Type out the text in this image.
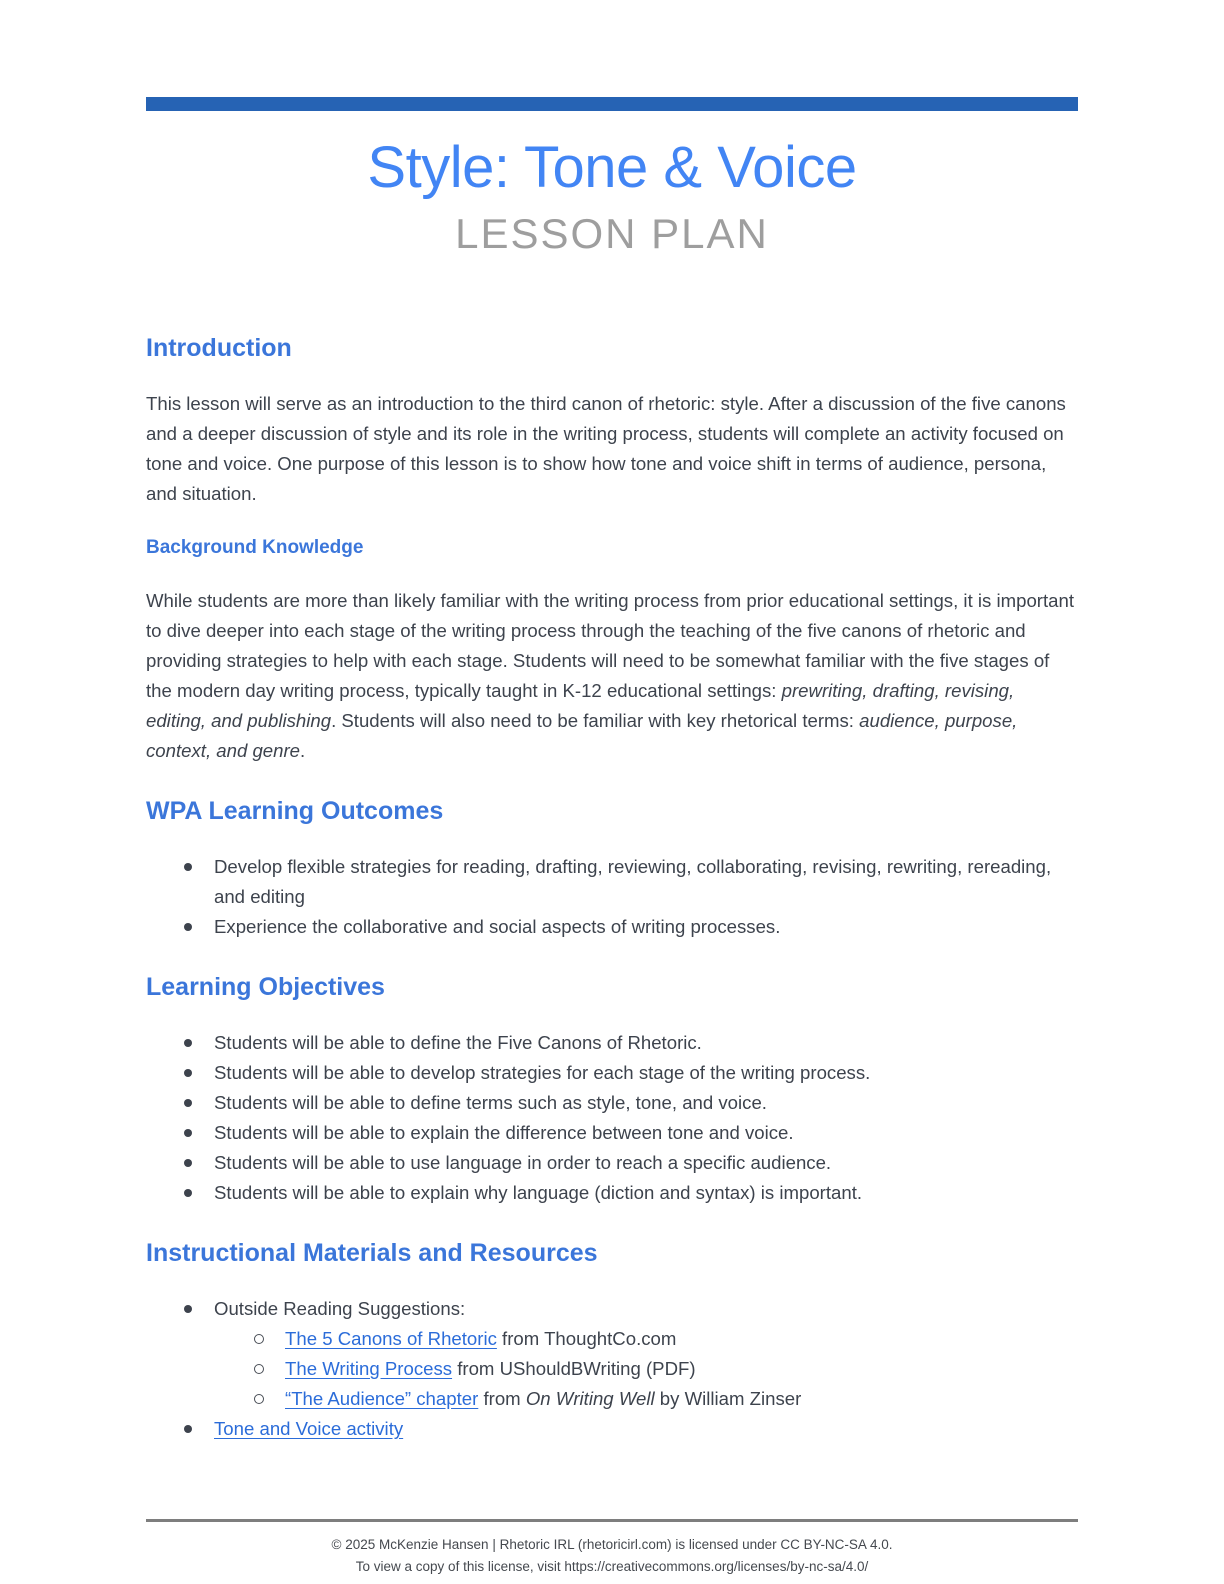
Style: Tone & Voice
LESSON PLAN
Introduction

This lesson will serve as an introduction to the third canon of rhetoric: style. After a discussion of the five canons and a deeper discussion of style and its role in the writing process, students will complete an activity focused on tone and voice. One purpose of this lesson is to show how tone and voice shift in terms of audience, persona, and situation.

Background Knowledge

While students are more than likely familiar with the writing process from prior educational settings, it is important to dive deeper into each stage of the writing process through the teaching of the five canons of rhetoric and providing strategies to help with each stage. Students will need to be somewhat familiar with the five stages of the modern day writing process, typically taught in K-12 educational settings: prewriting, drafting, revising, editing, and publishing. Students will also need to be familiar with key rhetorical terms: audience, purpose, context, and genre.

WPA Learning Outcomes
Develop flexible strategies for reading, drafting, reviewing, collaborating, revising, rewriting, rereading, and editing
Experience the collaborative and social aspects of writing processes.
Learning Objectives
Students will be able to define the Five Canons of Rhetoric.
Students will be able to develop strategies for each stage of the writing process.
Students will be able to define terms such as style, tone, and voice.
Students will be able to explain the difference between tone and voice.
Students will be able to use language in order to reach a specific audience.
Students will be able to explain why language (diction and syntax) is important.
Instructional Materials and Resources
Outside Reading Suggestions:
The 5 Canons of Rhetoric from ThoughtCo.com
The Writing Process from UShouldBWriting (PDF)
“The Audience” chapter from On Writing Well by William Zinser
Tone and Voice activity
© 2025 McKenzie Hansen | Rhetoric IRL (rhetoricirl.com) is licensed under CC BY-NC-SA 4.0.
To view a copy of this license, visit https://creativecommons.org/licenses/by-nc-sa/4.0/
